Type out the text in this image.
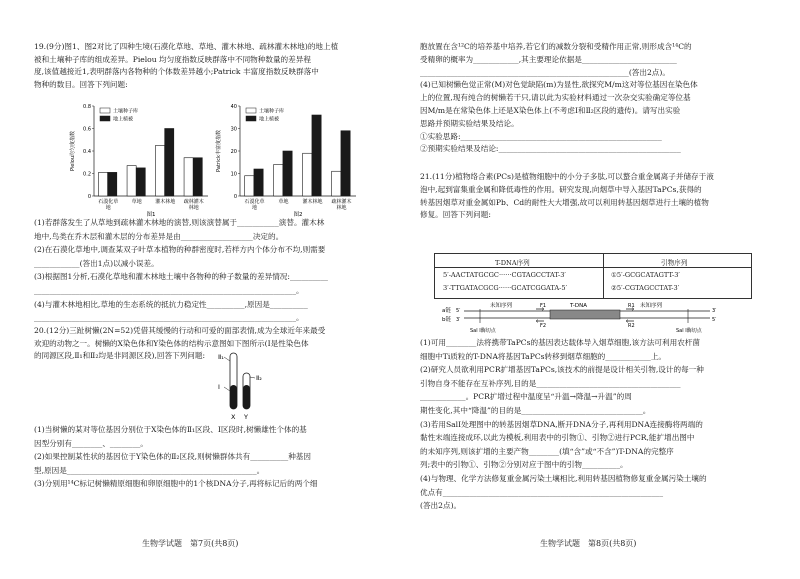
19.(9分)图1、图2对比了四种生境(石漠化草地、草地、灌木林地、疏林灌木林地)的地上植
被和土壤种子库的组成差异。Pielou 均匀度指数反映群落中不同物种数量的差异程
度,该值越接近1,表明群落内各物种的个体数差异越小;Patrick 丰富度指数反映群落中
物种的数目。回答下列问题:
0
0.2
0.4
0.6
0.8
Pielou均匀度指数
石漠化草
地
草地	灌木林地 疏林灌木
林地
土壤种子库
地上植被
图1
0
10
20
30
40
Patrick丰富度指数
石漠化草
地
草地	灌木林地 疏林灌木
林地
土壤种子库
地上植被
图2
(1)若群落发生了从草地到疏林灌木林地的演替,则该演替属于___________演替。灌木林
地中,鸟类在乔木层和灌木层的分布差异是由___________________决定的。
(2)在石漠化草地中,调查某双子叶草本植物的种群密度时,若样方内个体分布不均,则需要
____________(答出1点)以减小误差。
(3)根据图1分析,石漠化草地和灌木林地土壤中各物种的种子数量的差异情况:__________
_____________________________________________________________________。
(4)与灌木林地相比,草地的生态系统的抵抗力稳定性__________,原因是__________
_____________________________________________________________________。
20.(12分)三趾树懒(2N=52)凭借其缓慢的行动和可爱的面部表情,成为全球近年来最受
欢迎的动物之一。树懒的X染色体和Y染色体的结构示意图如下图所示(Ⅰ是性染色体
的同源区段,Ⅱ₁和Ⅱ₂均是非同源区段),回答下列问题: Ⅱ₁
Ⅰ
Ⅱ₂
X Y
(1)当树懒的某对等位基因分别位于X染色体的Ⅱ₁区段、Ⅰ区段时,树懒雄性个体的基
因型分别有________、________。
(2)如果控制某性状的基因位于Y染色体的Ⅱ₂区段,则树懒群体共有__________种基因
型,原因是__________________________________________________。
(3)分别用¹⁴C标记树懒精原细胞和卵原细胞中的1个核DNA分子,再将标记后的两个细
生物学试题　第7页(共8页)
胞放置在含¹²C的培养基中培养,若它们的减数分裂和受精作用正常,则形成含¹⁴C的
受精卵的概率为____________,其主要理论依据是_________________________
_______________________________________________________(答出2点)。
(4)已知树懒色觉正常(M)对色觉缺陷(m)为显性,欲探究M/m这对等位基因在染色体
上的位置,现有纯合的树懒若干只,请以此为实验材料通过一次杂交实验确定等位基
因M/m是在常染色体上还是X染色体上(不考虑Ⅰ和Ⅱ₂区段的遗传)。请写出实验
思路并预期实验结果及结论。
①实验思路:_____________________________________________________
②预期实验结果及结论:________________________________________________
21.(11分)植物络合素(PCs)是植物细胞中的小分子多肽,可以螯合重金属离子并储存于液
泡中,起到富集重金属和降低毒性的作用。研究发现,向烟草中导入基因TaPCs,获得的
转基因烟草对重金属如Pb、Cd的耐性大大增强,故可以利用转基因烟草进行土壤的植物
修复。回答下列问题:
T-DNA序列	引物序列
5′-AACTATGCGC······CGTAGCCTAT-3′	①5′-GCGCATAGTT-3′
3′-TTGATACGCG······GCATCGGATA-5′	②5′-CGTAGCCTAT-3′
a链
b链
5′
3′
T-DNA
未知序列	未知序列
F1
F2
R1
R2
Sal Ⅰ酶切点	Sal Ⅰ酶切点
3′
5′
(1)可用________法将携带TaPCs的基因表达载体导入烟草细胞,该方法可利用农杆菌
细胞中Ti质粒的T-DNA将基因TaPCs转移到烟草细胞的____________上。
(2)研究人员欲利用PCR扩增基因TaPCs,该技术的前提是设计相关引物,设计的每一种
引物自身不能存在互补序列,目的是______________________________________
____________。PCR扩增过程中温度呈“升温→降温→升温”的周
期性变化,其中“降温”的目的是________________________________。
(3)若用SalⅠ处理图中的转基因烟草DNA,断开DNA分子,再利用DNA连接酶将两端的
黏性末端连接成环,以此为模板,利用表中的引物①、引物②进行PCR,能扩增出图中
的未知序列,则该扩增的主要产物________(填“含”或“不含”)T-DNA的完整序
列;表中的引物①、引物②分别对应于图中的引物__________。
(4)与物理、化学方法修复重金属污染土壤相比,利用转基因植物修复重金属污染土壤的
优点有__________________________________________________________
(答出2点)。
生物学试题　第8页(共8页)
